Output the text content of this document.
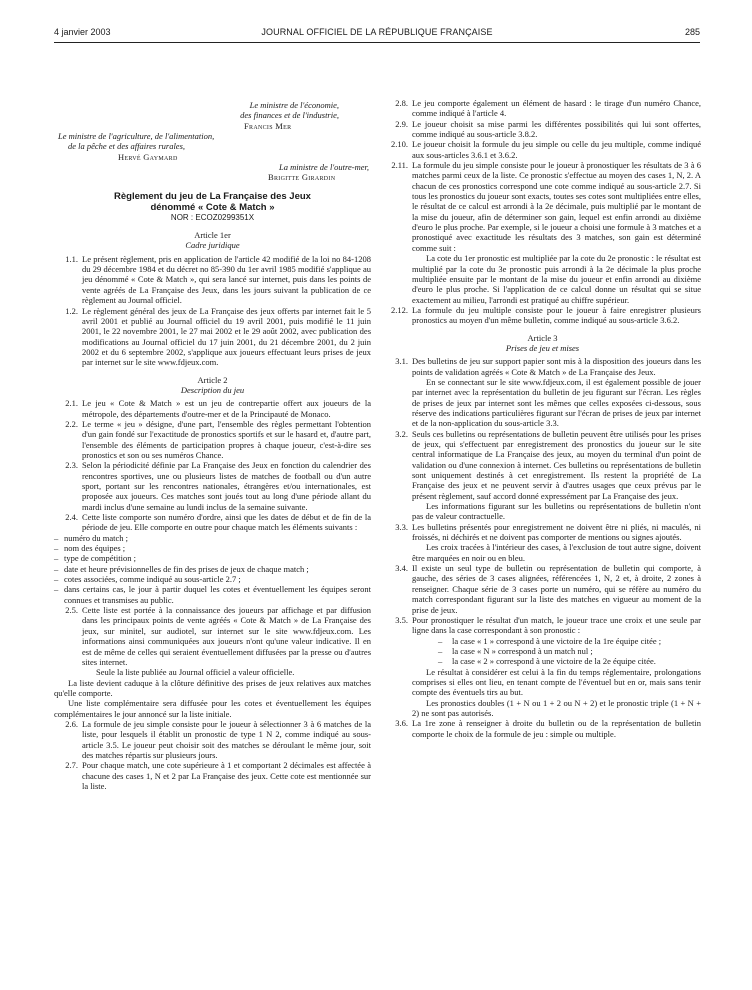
4 janvier 2003	JOURNAL OFFICIEL DE LA RÉPUBLIQUE FRANÇAISE	285

Le ministre de l'économie,

des finances et de l'industrie,

Francis Mer

Le ministre de l'agriculture, de l'alimentation,

de la pêche et des affaires rurales,

Hervé Gaymard

La ministre de l'outre-mer,

Brigitte Girardin

Règlement du jeu de La Française des Jeux

dénommé « Cote & Match »

NOR : ECOZ0299351X

Article 1er

Cadre juridique

1.1. Le présent règlement, pris en application de l'article 42 modifié de la loi no 84-1208 du 29 décembre 1984 et du décret no 85-390 du 1er avril 1985 modifié s'applique au jeu dénommé « Cote & Match », qui sera lancé sur internet, puis dans les points de vente agréés de La Française des Jeux, dans les jours suivant la publication de ce règlement au Journal officiel.

1.2. Le règlement général des jeux de La Française des jeux offerts par internet fait le 5 avril 2001 et publié au Journal officiel du 19 avril 2001, puis modifié le 11 juin 2001, le 22 novembre 2001, le 27 mai 2002 et le 29 août 2002, avec publication des modifications au Journal officiel du 17 juin 2001, du 21 décembre 2001, du 2 juin 2002 et du 6 septembre 2002, s'applique aux joueurs effectuant leurs prises de jeux par internet sur le site www.fdjeux.com.

Article 2

Description du jeu

2.1. Le jeu « Cote & Match » est un jeu de contrepartie offert aux joueurs de la métropole, des départements d'outre-mer et de la Principauté de Monaco.

2.2. Le terme « jeu » désigne, d'une part, l'ensemble des règles permettant l'obtention d'un gain fondé sur l'exactitude de pronostics sportifs et sur le hasard et, d'autre part, l'ensemble des éléments de participation propres à chaque joueur, c'est-à-dire ses pronostics et son ou ses numéros Chance.

2.3. Selon la périodicité définie par La Française des Jeux en fonction du calendrier des rencontres sportives, une ou plusieurs listes de matches de football ou d'un autre sport, portant sur les rencontres nationales, étrangères et/ou internationales, est proposée aux joueurs. Ces matches sont joués tout au long d'une période allant du mardi inclus d'une semaine au lundi inclus de la semaine suivante.

2.4. Cette liste comporte son numéro d'ordre, ainsi que les dates de début et de fin de la période de jeu. Elle comporte en outre pour chaque match les éléments suivants :

– numéro du match ;

– nom des équipes ;

– type de compétition ;

– date et heure prévisionnelles de fin des prises de jeux de chaque match ;

– cotes associées, comme indiqué au sous-article 2.7 ;

– dans certains cas, le jour à partir duquel les cotes et éventuellement les équipes seront connues et transmises au public.

2.5. Cette liste est portée à la connaissance des joueurs par affichage et par diffusion dans les principaux points de vente agréés « Cote & Match » de La Française des jeux, sur minitel, sur audiotel, sur internet sur le site www.fdjeux.com. Les informations ainsi communiquées aux joueurs n'ont qu'une valeur indicative. Il en est de même de celles qui seraient éventuellement diffusées par la presse ou d'autres sites internet.

Seule la liste publiée au Journal officiel a valeur officielle.

La liste devient caduque à la clôture définitive des prises de jeux relatives aux matches qu'elle comporte.

Une liste complémentaire sera diffusée pour les cotes et éventuellement les équipes complémentaires le jour annoncé sur la liste initiale.

2.6. La formule de jeu simple consiste pour le joueur à sélectionner 3 à 6 matches de la liste, pour lesquels il établit un pronostic de type 1 N 2, comme indiqué au sous-article 3.5. Le joueur peut choisir soit des matches se déroulant le même jour, soit des matches répartis sur plusieurs jours.

2.7. Pour chaque match, une cote supérieure à 1 et comportant 2 décimales est affectée à chacune des cases 1, N et 2 par La Française des jeux. Cette cote est mentionnée sur la liste.

2.8. Le jeu comporte également un élément de hasard : le tirage d'un numéro Chance, comme indiqué à l'article 4.

2.9. Le joueur choisit sa mise parmi les différentes possibilités qui lui sont offertes, comme indiqué au sous-article 3.8.2.

2.10. Le joueur choisit la formule du jeu simple ou celle du jeu multiple, comme indiqué aux sous-articles 3.6.1 et 3.6.2.

2.11. La formule du jeu simple consiste pour le joueur à pronostiquer les résultats de 3 à 6 matches parmi ceux de la liste. Ce pronostic s'effectue au moyen des cases 1, N, 2. A chacun de ces pronostics correspond une cote comme indiqué au sous-article 2.7. Si tous les pronostics du joueur sont exacts, toutes ses cotes sont multipliées entre elles, le résultat de ce calcul est arrondi à la 2e décimale, puis multiplié par le montant de la mise du joueur, afin de déterminer son gain, lequel est enfin arrondi au dixième d'euro le plus proche. Par exemple, si le joueur a choisi une formule à 3 matches et a pronostiqué avec exactitude les résultats des 3 matches, son gain est déterminé comme suit :

La cote du 1er pronostic est multipliée par la cote du 2e pronostic : le résultat est multiplié par la cote du 3e pronostic puis arrondi à la 2e décimale la plus proche multipliée ensuite par le montant de la mise du joueur et enfin arrondi au dixième d'euro le plus proche. Si l'application de ce calcul donne un résultat qui se situe exactement au milieu, l'arrondi est pratiqué au chiffre supérieur.

2.12. La formule du jeu multiple consiste pour le joueur à faire enregistrer plusieurs pronostics au moyen d'un même bulletin, comme indiqué au sous-article 3.6.2.

Article 3

Prises de jeu et mises

3.1. Des bulletins de jeu sur support papier sont mis à la disposition des joueurs dans les points de validation agréés « Cote & Match » de La Française des Jeux.

En se connectant sur le site www.fdjeux.com, il est également possible de jouer par internet avec la représentation du bulletin de jeu figurant sur l'écran. Les règles de prises de jeux par internet sont les mêmes que celles exposées ci-dessous, sous réserve des indications particulières figurant sur l'écran de prises de jeux par internet et de la non-application du sous-article 3.3.

3.2. Seuls ces bulletins ou représentations de bulletin peuvent être utilisés pour les prises de jeux, qui s'effectuent par enregistrement des pronostics du joueur sur le site central informatique de La Française des jeux, au moyen du terminal d'un point de validation ou d'une connexion à internet. Ces bulletins ou représentations de bulletin sont uniquement destinés à cet enregistrement. Ils restent la propriété de La Française des jeux et ne peuvent servir à d'autres usages que ceux prévus par le présent règlement, sauf accord donné expressément par La Française des jeux.

Les informations figurant sur les bulletins ou représentations de bulletin n'ont pas de valeur contractuelle.

3.3. Les bulletins présentés pour enregistrement ne doivent être ni pliés, ni maculés, ni froissés, ni déchirés et ne doivent pas comporter de mentions ou signes ajoutés.

Les croix tracées à l'intérieur des cases, à l'exclusion de tout autre signe, doivent être marquées en noir ou en bleu.

3.4. Il existe un seul type de bulletin ou représentation de bulletin qui comporte, à gauche, des séries de 3 cases alignées, référencées 1, N, 2 et, à droite, 2 zones à renseigner. Chaque série de 3 cases porte un numéro, qui se réfère au numéro du match correspondant figurant sur la liste des matches en vigueur au moment de la prise de jeux.

3.5. Pour pronostiquer le résultat d'un match, le joueur trace une croix et une seule par ligne dans la case correspondant à son pronostic :

– la case « 1 » correspond à une victoire de la 1re équipe citée ;

– la case « N » correspond à un match nul ;

– la case « 2 » correspond à une victoire de la 2e équipe citée.

Le résultat à considérer est celui à la fin du temps réglementaire, prolongations comprises si elles ont lieu, en tenant compte de l'éventuel but en or, mais sans tenir compte des éventuels tirs au but.

Les pronostics doubles (1 + N ou 1 + 2 ou N + 2) et le pronostic triple (1 + N + 2) ne sont pas autorisés.

3.6. La 1re zone à renseigner à droite du bulletin ou de la représentation de bulletin comporte le choix de la formule de jeu : simple ou multiple.
